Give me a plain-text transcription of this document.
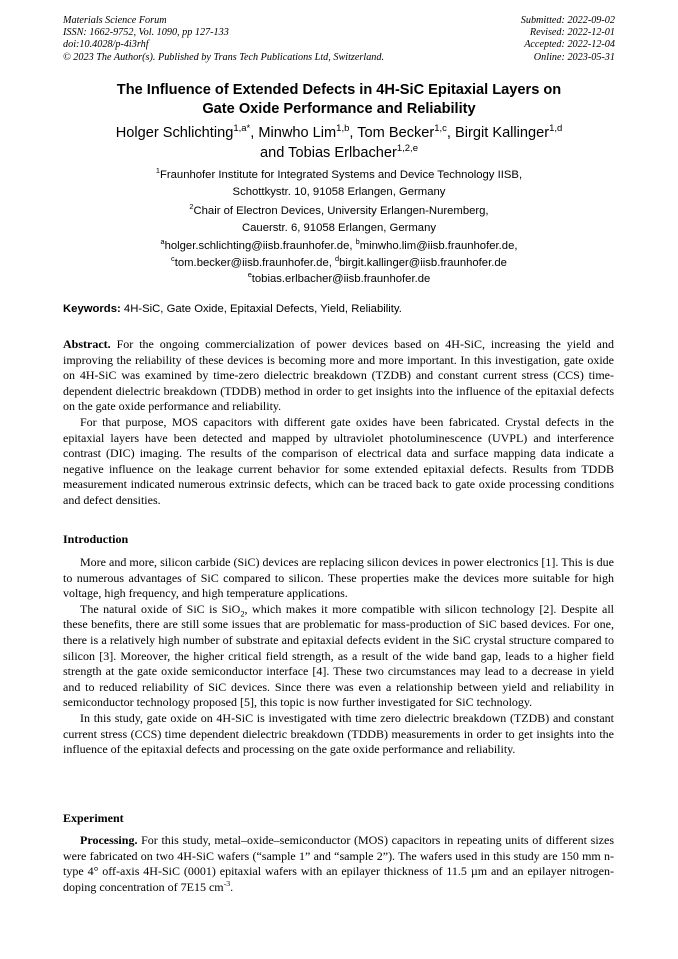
Materials Science Forum
ISSN: 1662-9752, Vol. 1090, pp 127-133
doi:10.4028/p-4i3rhf
© 2023 The Author(s). Published by Trans Tech Publications Ltd, Switzerland.
Submitted: 2022-09-02
Revised: 2022-12-01
Accepted: 2022-12-04
Online: 2023-05-31
The Influence of Extended Defects in 4H-SiC Epitaxial Layers on
Gate Oxide Performance and Reliability
Holger Schlichting$^{1,a*}$, Minwho Lim$^{1,b}$, Tom Becker$^{1,c}$, Birgit Kallinger$^{1,d}$
and Tobias Erlbacher$^{1,2,e}$
$^1$Fraunhofer Institute for Integrated Systems and Device Technology IISB,
Schottkystr. 10, 91058 Erlangen, Germany
$^2$Chair of Electron Devices, University Erlangen-Nuremberg,
Cauerstr. 6, 91058 Erlangen, Germany
$^a$holger.schlichting@iisb.fraunhofer.de, $^b$minwho.lim@iisb.fraunhofer.de,
$^c$tom.becker@iisb.fraunhofer.de, $^d$birgit.kallinger@iisb.fraunhofer.de
$^e$tobias.erlbacher@iisb.fraunhofer.de
Keywords: 4H-SiC, Gate Oxide, Epitaxial Defects, Yield, Reliability.

Abstract. For the ongoing commercialization of power devices based on 4H-SiC, increasing the yield and improving the reliability of these devices is becoming more and more important. In this investigation, gate oxide on 4H-SiC was examined by time-zero dielectric breakdown (TZDB) and constant current stress (CCS) time-dependent dielectric breakdown (TDDB) method in order to get insights into the influence of the epitaxial defects on the gate oxide performance and reliability.

For that purpose, MOS capacitors with different gate oxides have been fabricated. Crystal defects in the epitaxial layers have been detected and mapped by ultraviolet photoluminescence (UVPL) and interference contrast (DIC) imaging. The results of the comparison of electrical data and surface mapping data indicate a negative influence on the leakage current behavior for some extended epitaxial defects. Results from TDDB measurement indicated numerous extrinsic defects, which can be traced back to gate oxide processing conditions and defect densities.

Introduction

More and more, silicon carbide (SiC) devices are replacing silicon devices in power electronics [1]. This is due to numerous advantages of SiC compared to silicon. These properties make the devices more suitable for high voltage, high frequency, and high temperature applications.

The natural oxide of SiC is SiO$_2$, which makes it more compatible with silicon technology [2]. Despite all these benefits, there are still some issues that are problematic for mass-production of SiC based devices. For one, there is a relatively high number of substrate and epitaxial defects evident in the SiC crystal structure compared to silicon [3]. Moreover, the higher critical field strength, as a result of the wide band gap, leads to a higher field strength at the gate oxide semiconductor interface [4]. These two circumstances may lead to a decrease in yield and to reduced reliability of SiC devices. Since there was even a relationship between yield and reliability in semiconductor technology proposed [5], this topic is now further investigated for SiC technology.

In this study, gate oxide on 4H-SiC is investigated with time zero dielectric breakdown (TZDB) and constant current stress (CCS) time dependent dielectric breakdown (TDDB) measurements in order to get insights into the influence of the epitaxial defects and processing on the gate oxide performance and reliability.

Experiment

Processing. For this study, metal–oxide–semiconductor (MOS) capacitors in repeating units of different sizes were fabricated on two 4H-SiC wafers (“sample 1” and “sample 2”). The wafers used in this study are 150 mm n-type 4° off-axis 4H-SiC (0001) epitaxial wafers with an epilayer thickness of 11.5 µm and an epilayer nitrogen-doping concentration of 7E15 $cm^{-3}$.
